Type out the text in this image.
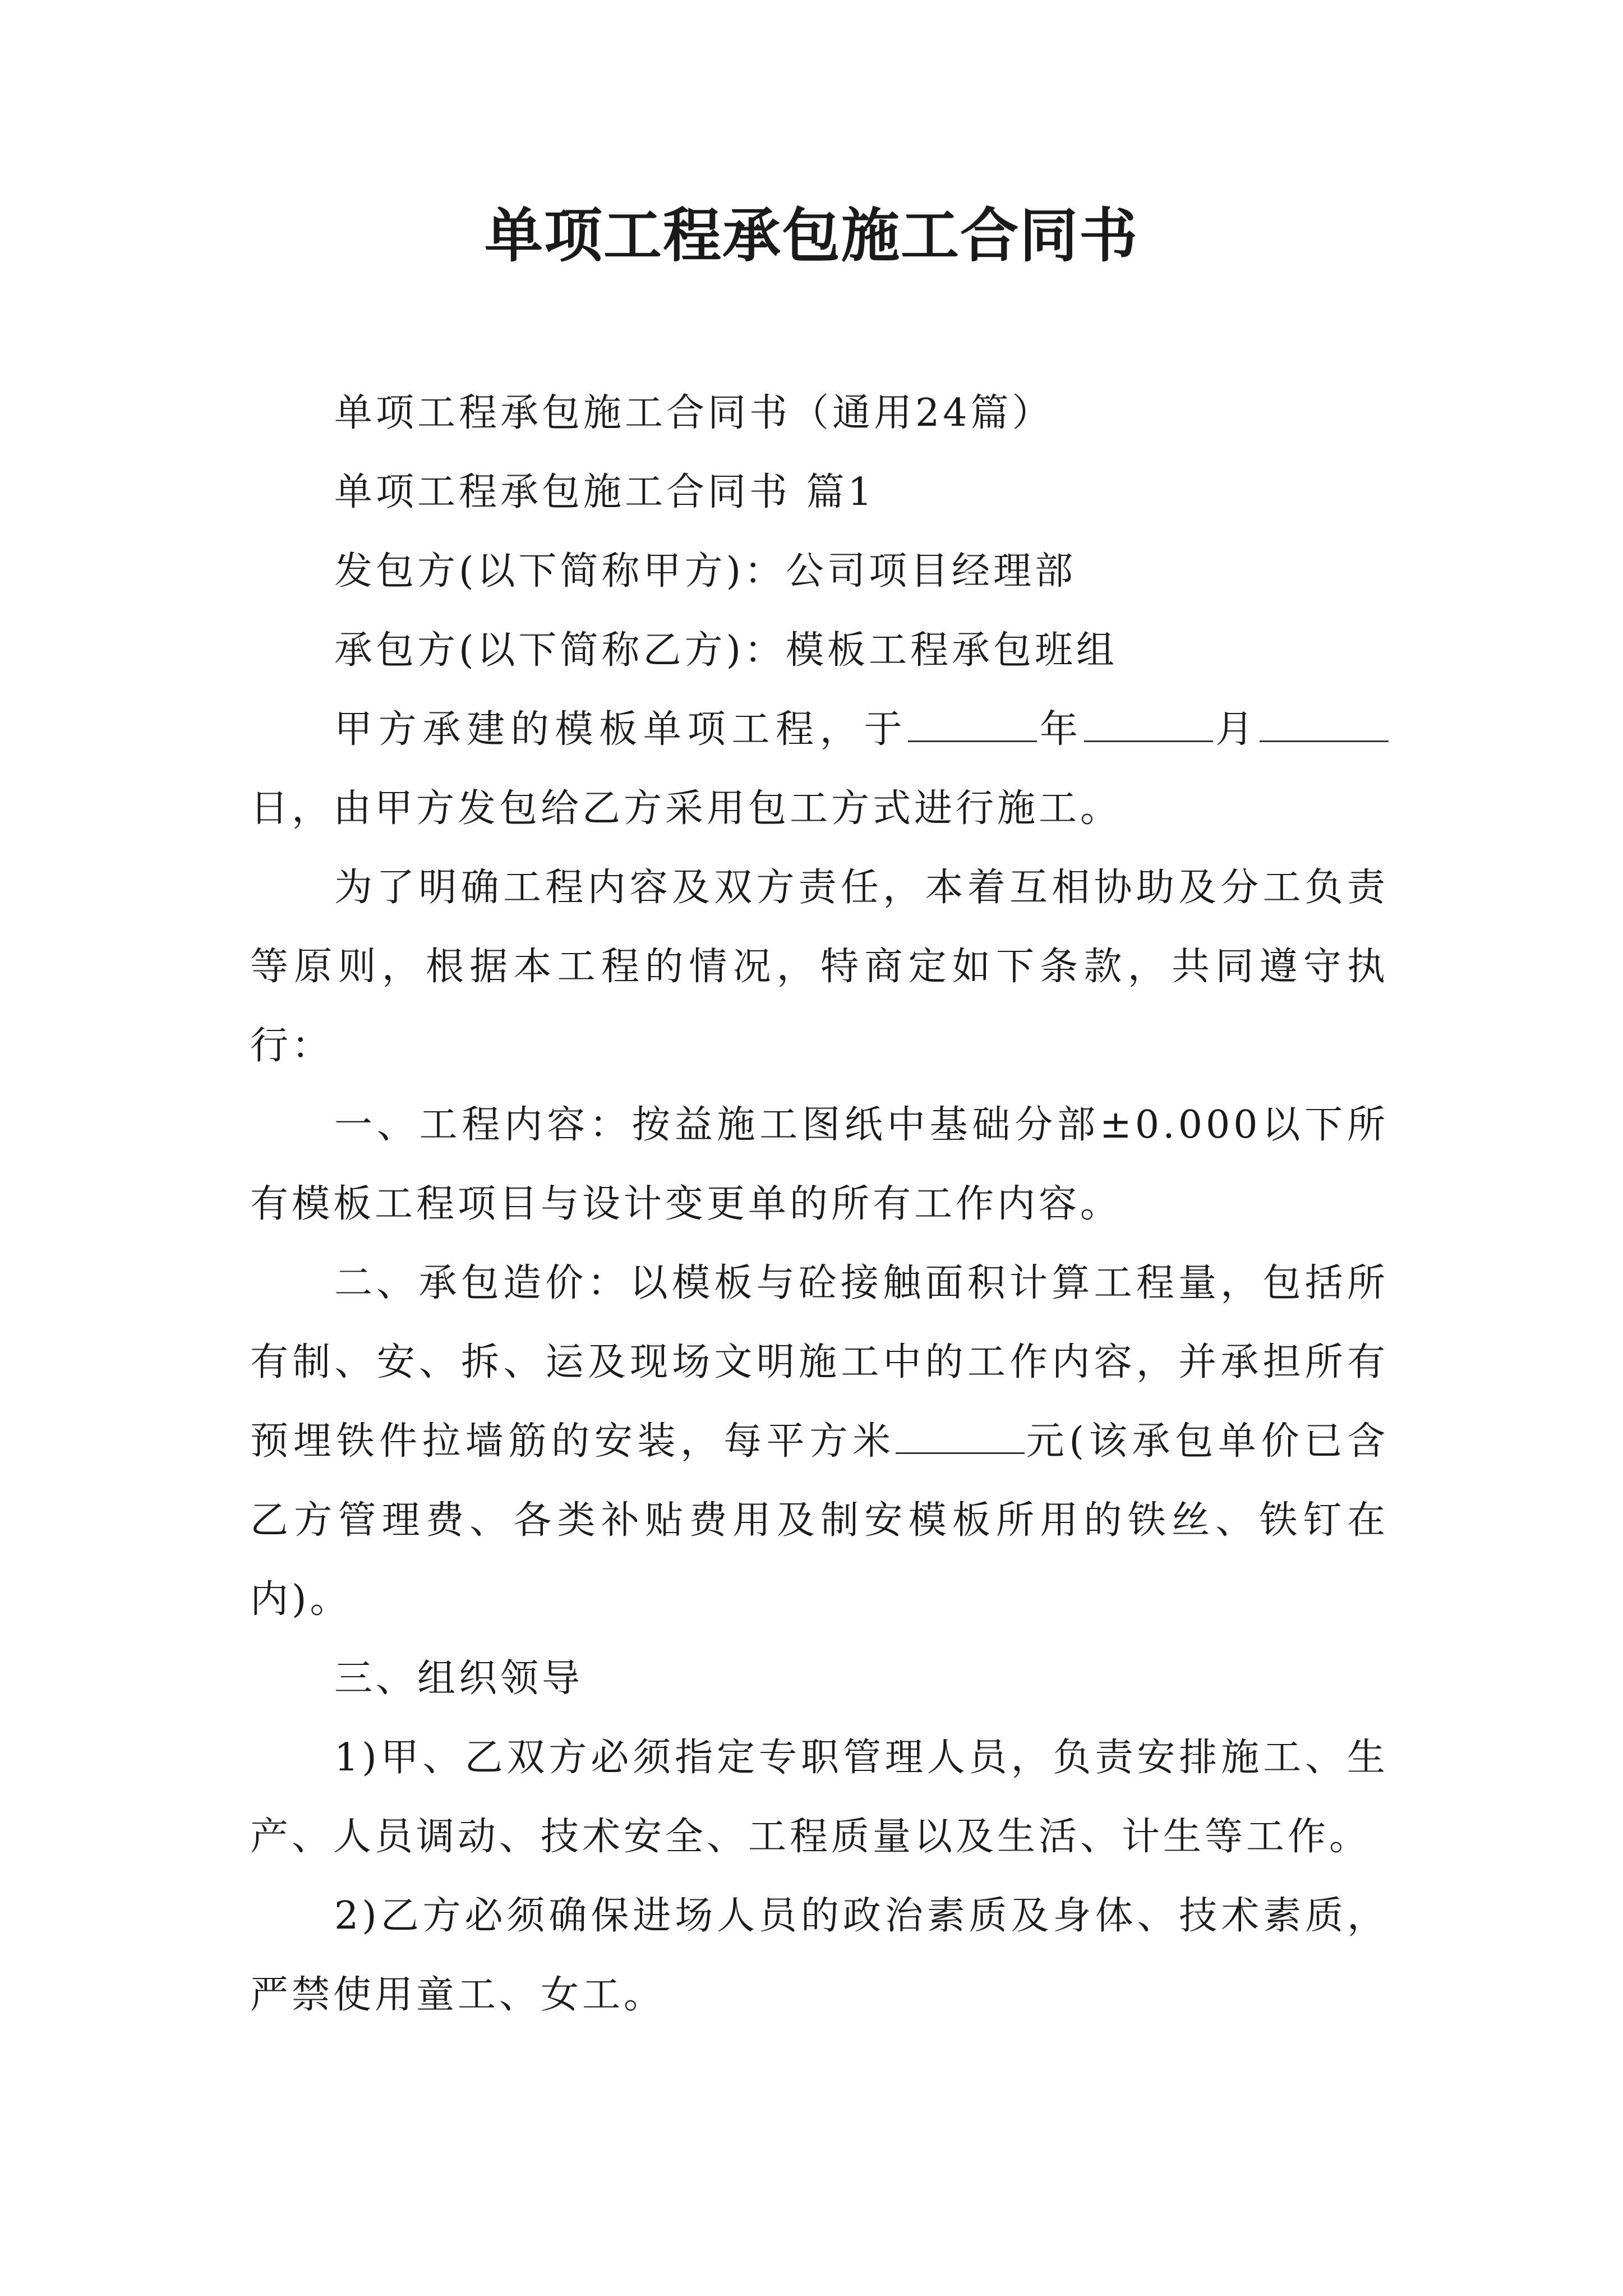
单项工程承包施工合同书

单项工程承包施工合同书（通用24篇）

单项工程承包施工合同书 篇1

发包方(以下简称甲方)：公司项目经理部

承包方(以下简称乙方)：模板工程承包班组

甲方承建的模板单项工程，于	年	月日，由甲方发包给乙方采用包工方式进行施工。

为了明确工程内容及双方责任，本着互相协助及分工负责等原则，根据本工程的情况，特商定如下条款，共同遵守执行：

一、工程内容：按益施工图纸中基础分部±0.000以下所有模板工程项目与设计变更单的所有工作内容。

二、承包造价：以模板与砼接触面积计算工程量，包括所有制、安、拆、运及现场文明施工中的工作内容，并承担所有预埋铁件拉墙筋的安装，每平方米	元(该承包单价已含乙方管理费、各类补贴费用及制安模板所用的铁丝、铁钉在内)。

三、组织领导

1)甲、乙双方必须指定专职管理人员，负责安排施工、生产、人员调动、技术安全、工程质量以及生活、计生等工作。

2)乙方必须确保进场人员的政治素质及身体、技术素质，严禁使用童工、女工。
